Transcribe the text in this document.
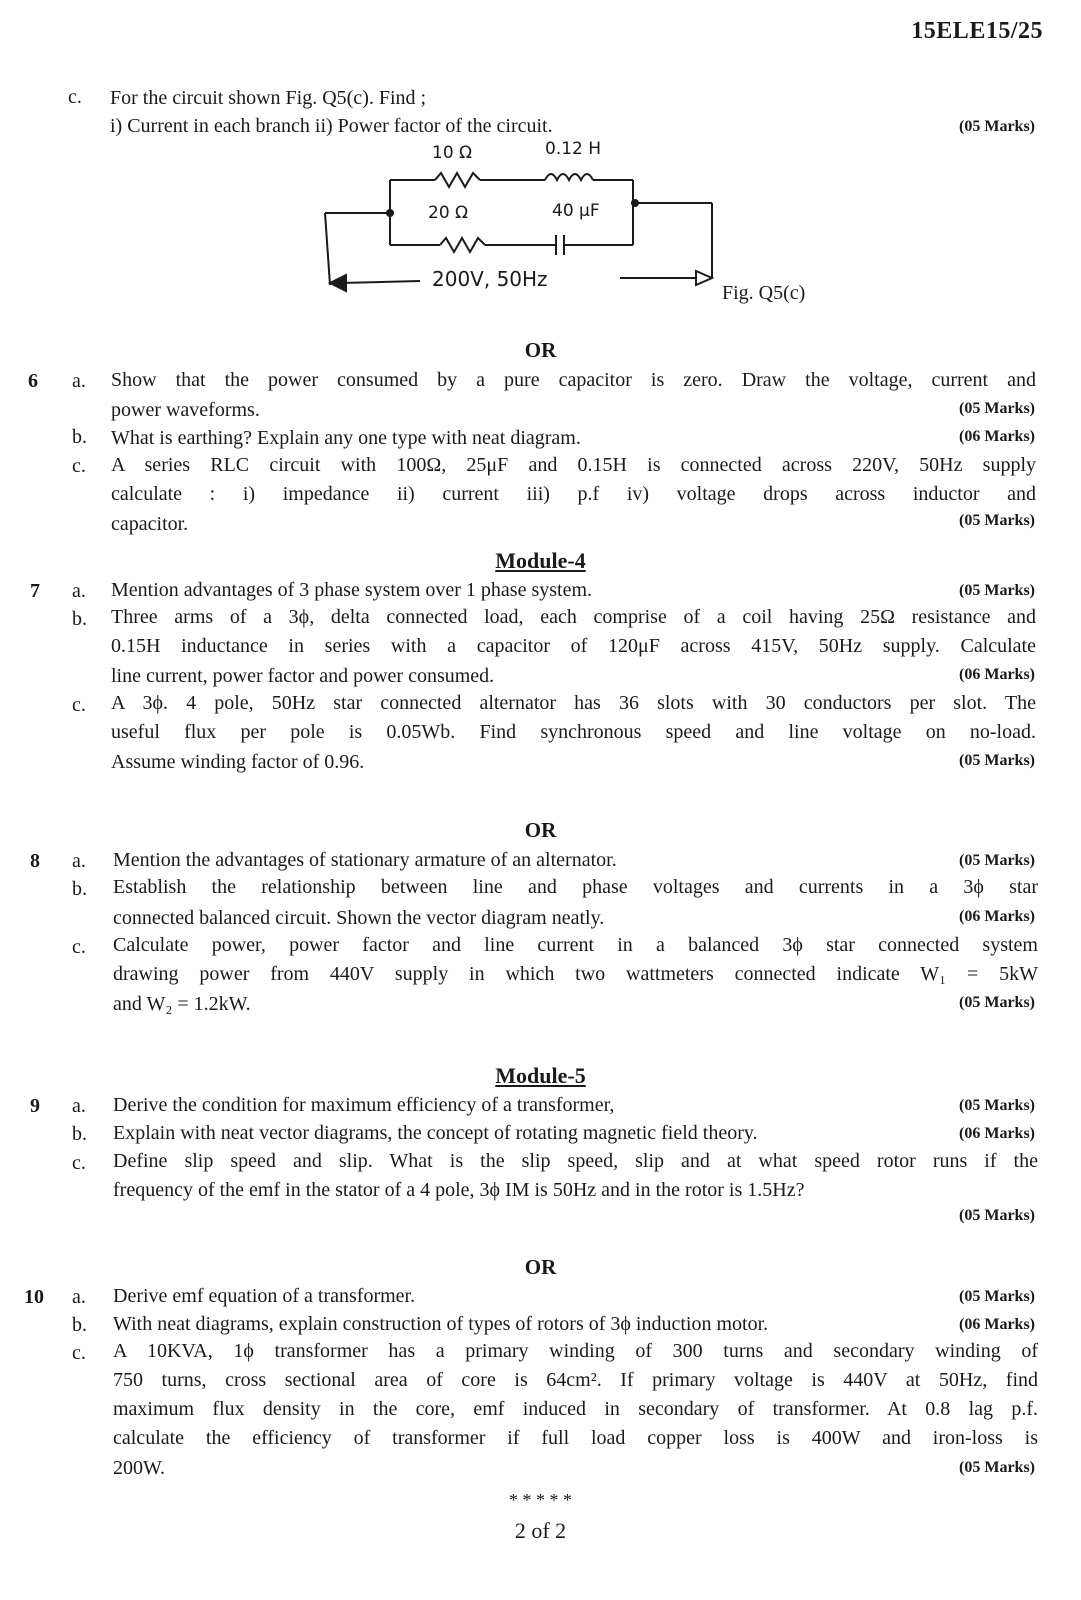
15ELE15/25
c. For the circuit shown Fig. Q5(c). Find ;
i) Current in each branch ii) Power factor of the circuit.	(05 Marks)
10 Ω	0.12 H
20 Ω	40 μF
200V, 50Hz
Fig. Q5(c)
OR
6 a. Show that the power consumed by a pure capacitor is zero. Draw the voltage, current and
power waveforms.	(05 Marks)
b. What is earthing? Explain any one type with neat diagram.	(06 Marks)
c. A series RLC circuit with 100Ω, 25μF and 0.15H is connected across 220V, 50Hz supply
calculate : i) impedance ii) current iii) p.f iv) voltage drops across inductor and
capacitor.	(05 Marks)
Module-4
7 a. Mention advantages of 3 phase system over 1 phase system.	(05 Marks)
b. Three arms of a 3ϕ, delta connected load, each comprise of a coil having 25Ω resistance and
0.15H inductance in series with a capacitor of 120μF across 415V, 50Hz supply. Calculate
line current, power factor and power consumed.	(06 Marks)
c. A 3ϕ. 4 pole, 50Hz star connected alternator has 36 slots with 30 conductors per slot. The
useful flux per pole is 0.05Wb. Find synchronous speed and line voltage on no-load.
Assume winding factor of 0.96.	(05 Marks)
OR
8 a. Mention the advantages of stationary armature of an alternator.	(05 Marks)
b. Establish the relationship between line and phase voltages and currents in a 3ϕ star
connected balanced circuit. Shown the vector diagram neatly.	(06 Marks)
c. Calculate power, power factor and line current in a balanced 3ϕ star connected system
drawing power from 440V supply in which two wattmeters connected indicate W₁ = 5kW
and W₂ = 1.2kW.	(05 Marks)
Module-5
9 a. Derive the condition for maximum efficiency of a transformer,	(05 Marks)
b. Explain with neat vector diagrams, the concept of rotating magnetic field theory.	(06 Marks)
c. Define slip speed and slip. What is the slip speed, slip and at what speed rotor runs if the
frequency of the emf in the stator of a 4 pole, 3ϕ IM is 50Hz and in the rotor is 1.5Hz?
(05 Marks)
OR
10 a. Derive emf equation of a transformer.	(05 Marks)
b. With neat diagrams, explain construction of types of rotors of 3ϕ induction motor.	(06 Marks)
c. A 10KVA, 1ϕ transformer has a primary winding of 300 turns and secondary winding of
750 turns, cross sectional area of core is 64cm². If primary voltage is 440V at 50Hz, find
maximum flux density in the core, emf induced in secondary of transformer. At 0.8 lag p.f.
calculate the efficiency of transformer if full load copper loss is 400W and iron-loss is
200W.	(05 Marks)
* * * * *
2 of 2
